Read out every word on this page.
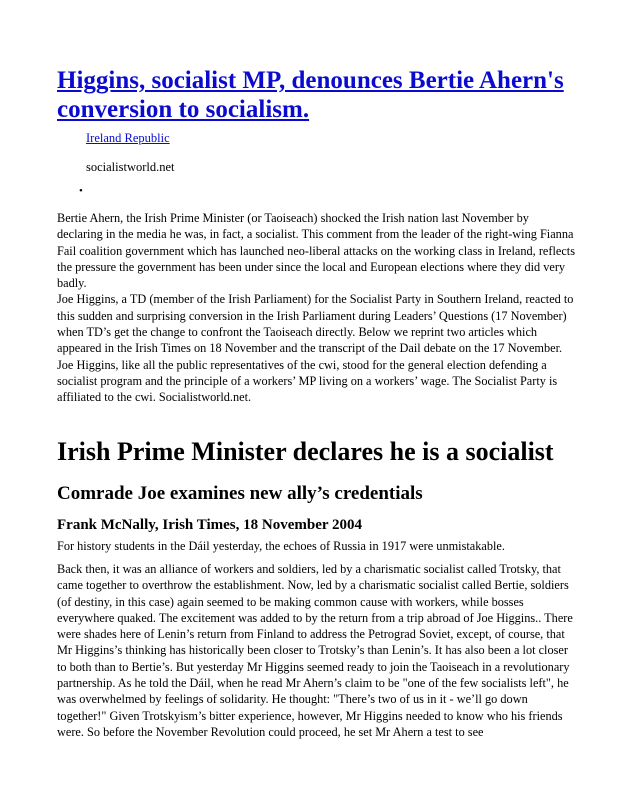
Higgins, socialist MP, denounces Bertie Ahern's conversion to socialism.
Ireland Republic
socialistworld.net
•

Bertie Ahern, the Irish Prime Minister (or Taoiseach) shocked the Irish nation last November by declaring in the media he was, in fact, a socialist. This comment from the leader of the right-wing Fianna Fail coalition government which has launched neo-liberal attacks on the working class in Ireland, reflects the pressure the government has been under since the local and European elections where they did very badly.

Joe Higgins, a TD (member of the Irish Parliament) for the Socialist Party in Southern Ireland, reacted to this sudden and surprising conversion in the Irish Parliament during Leaders’ Questions (17 November) when TD’s get the change to confront the Taoiseach directly. Below we reprint two articles which appeared in the Irish Times on 18 November and the transcript of the Dail debate on the 17 November.

Joe Higgins, like all the public representatives of the cwi, stood for the general election defending a socialist program and the principle of a workers’ MP living on a workers’ wage. The Socialist Party is affiliated to the cwi. Socialistworld.net.

Irish Prime Minister declares he is a socialist
Comrade Joe examines new ally’s credentials
Frank McNally, Irish Times, 18 November 2004

For history students in the Dáil yesterday, the echoes of Russia in 1917 were unmistakable.

Back then, it was an alliance of workers and soldiers, led by a charismatic socialist called Trotsky, that came together to overthrow the establishment. Now, led by a charismatic socialist called Bertie, soldiers (of destiny, in this case) again seemed to be making common cause with workers, while bosses everywhere quaked. The excitement was added to by the return from a trip abroad of Joe Higgins.. There were shades here of Lenin’s return from Finland to address the Petrograd Soviet, except, of course, that Mr Higgins’s thinking has historically been closer to Trotsky’s than Lenin’s. It has also been a lot closer to both than to Bertie’s. But yesterday Mr Higgins seemed ready to join the Taoiseach in a revolutionary partnership. As he told the Dáil, when he read Mr Ahern’s claim to be "one of the few socialists left", he was overwhelmed by feelings of solidarity. He thought: "There’s two of us in it - we’ll go down together!" Given Trotskyism’s bitter experience, however, Mr Higgins needed to know who his friends were. So before the November Revolution could proceed, he set Mr Ahern a test to see
